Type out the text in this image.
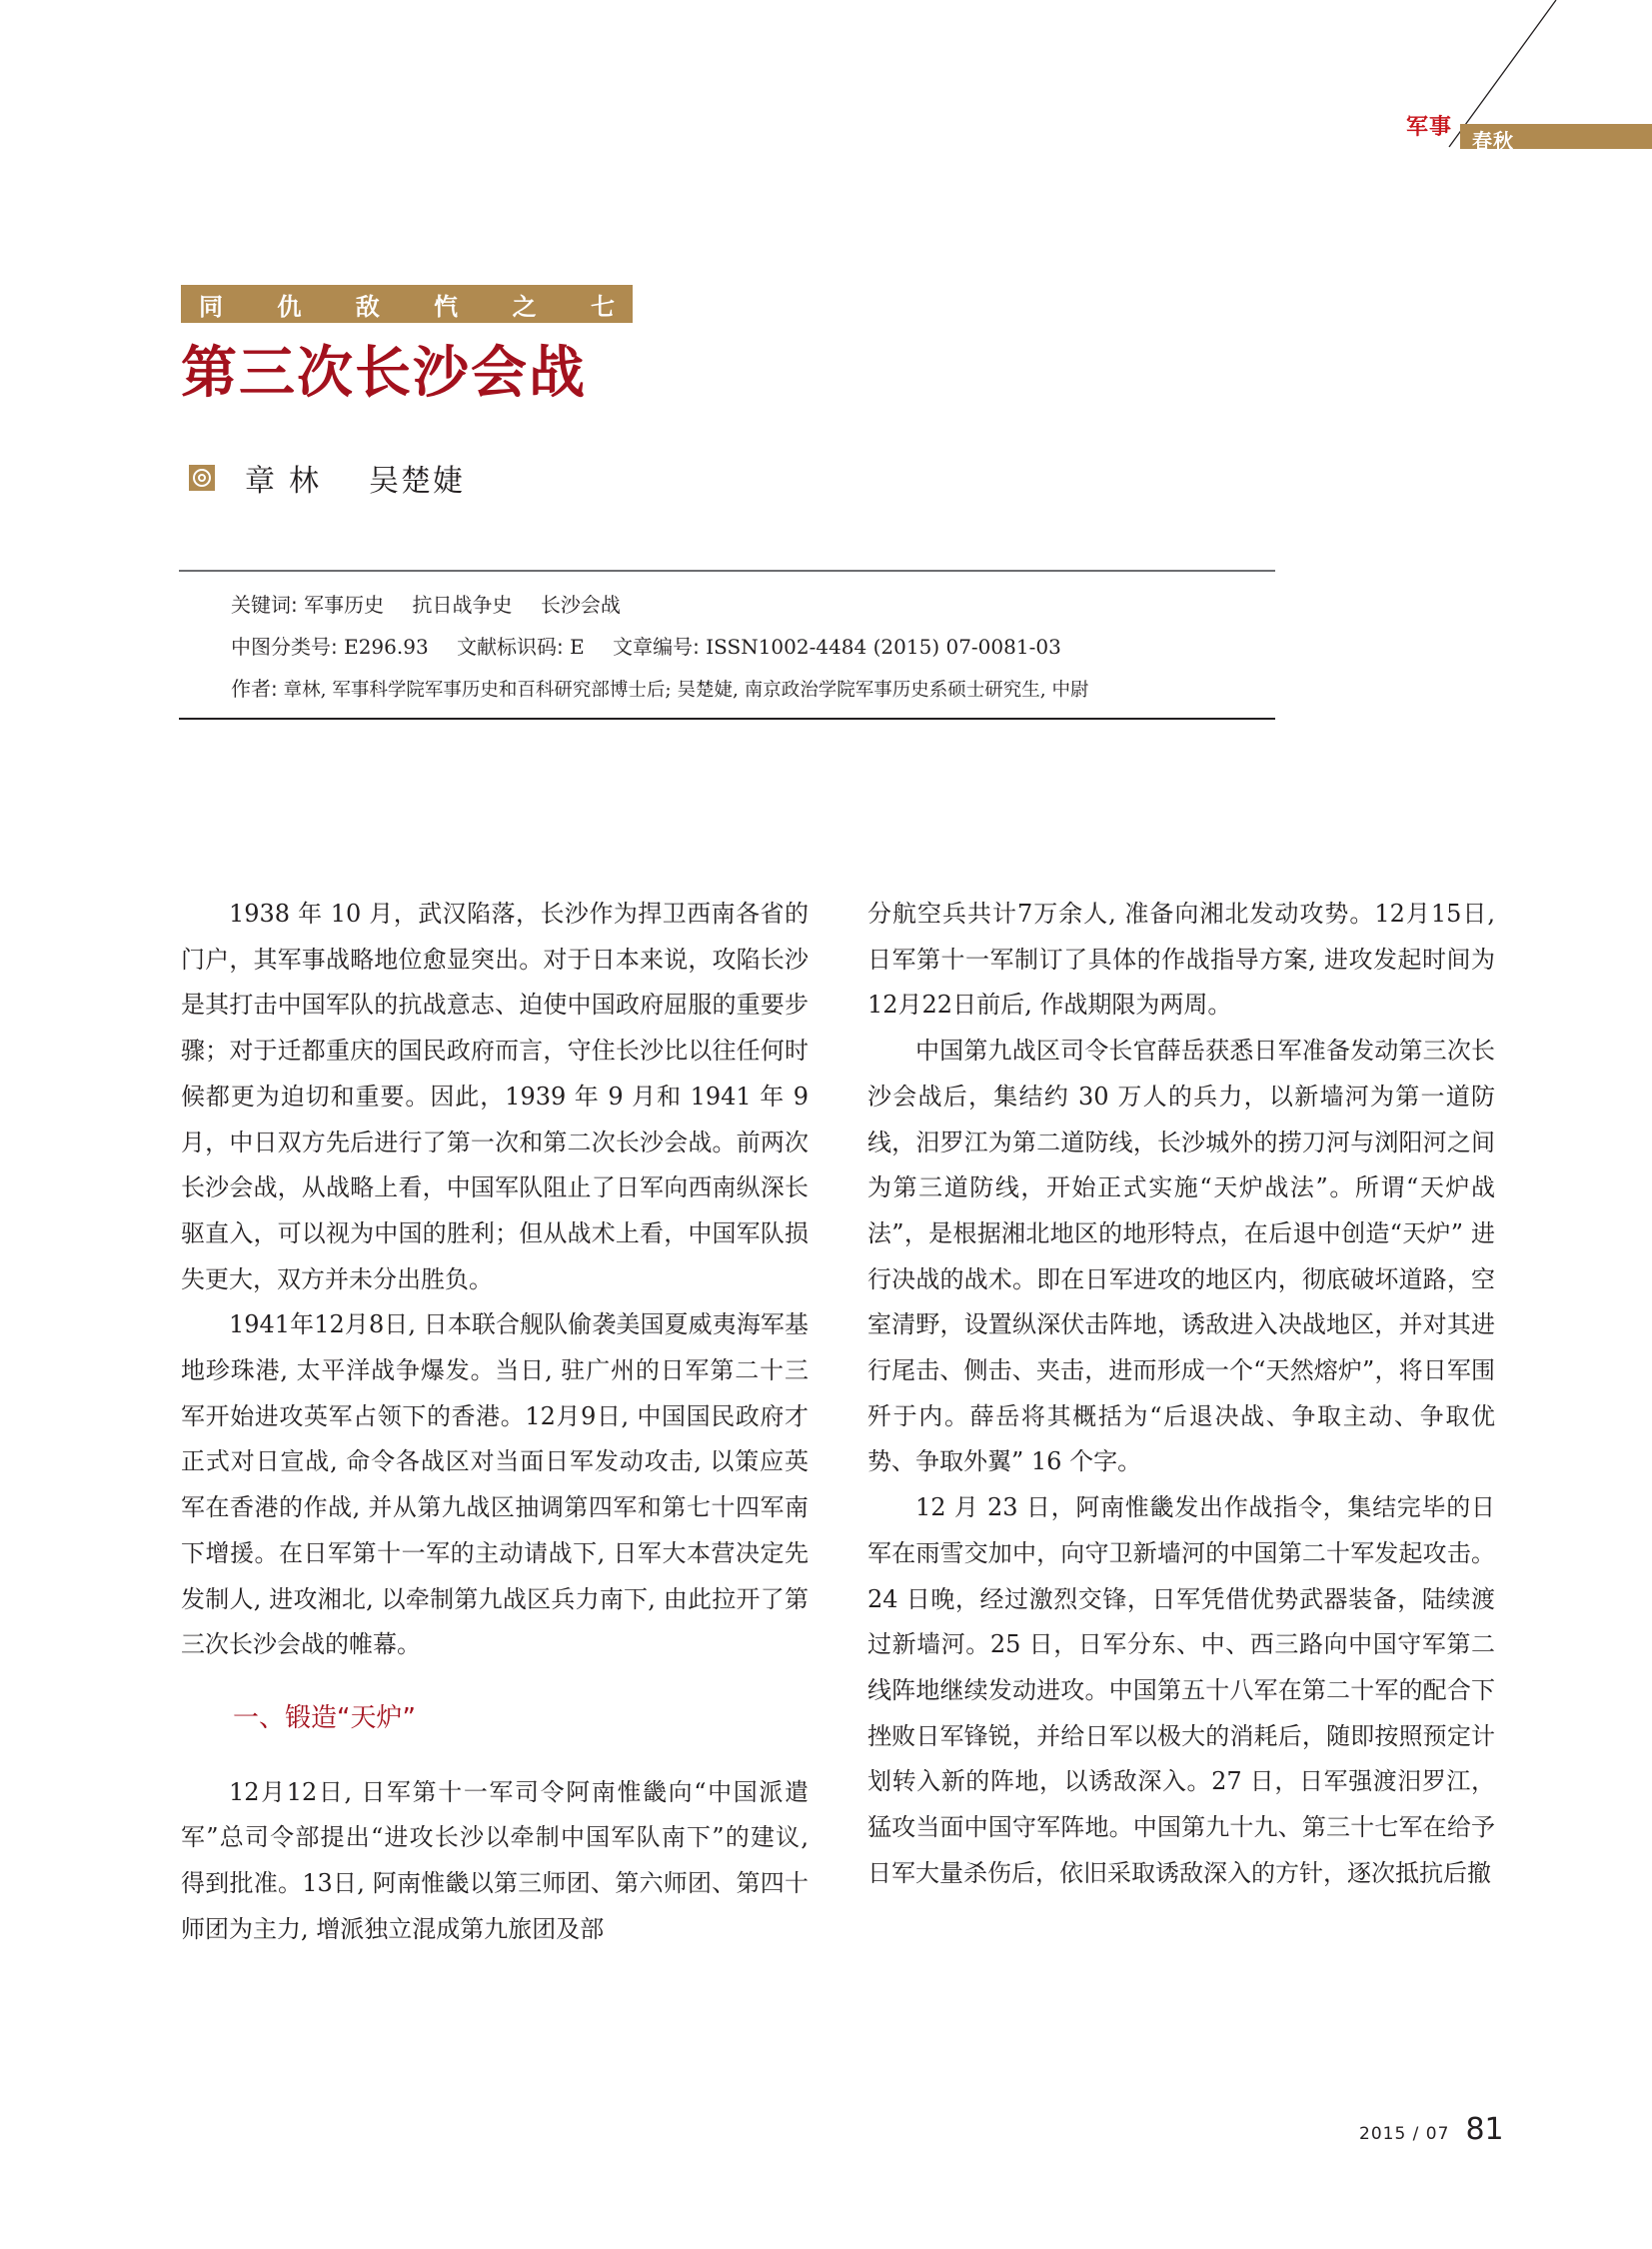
军事
春秋
同 仇 敌 忾 之 七
第三次长沙会战
章林 吴楚婕
关键词: 军事历史 抗日战争史 长沙会战
中图分类号: E296.93 文献标识码: E 文章编号: ISSN1002-4484 (2015) 07-0081-03
作者: 章林, 军事科学院军事历史和百科研究部博士后; 吴楚婕, 南京政治学院军事历史系硕士研究生, 中尉

1938 年 10 月，武汉陷落，长沙作为捍卫西南各省的门户，其军事战略地位愈显突出。对于日本来说，攻陷长沙是其打击中国军队的抗战意志、迫使中国政府屈服的重要步骤；对于迁都重庆的国民政府而言，守住长沙比以往任何时候都更为迫切和重要。因此，1939 年 9 月和 1941 年 9 月，中日双方先后进行了第一次和第二次长沙会战。前两次长沙会战，从战略上看，中国军队阻止了日军向西南纵深长驱直入，可以视为中国的胜利；但从战术上看，中国军队损失更大，双方并未分出胜负。

1941年12月8日, 日本联合舰队偷袭美国夏威夷海军基地珍珠港, 太平洋战争爆发。当日, 驻广州的日军第二十三军开始进攻英军占领下的香港。12月9日, 中国国民政府才正式对日宣战, 命令各战区对当面日军发动攻击, 以策应英军在香港的作战, 并从第九战区抽调第四军和第七十四军南下增援。在日军第十一军的主动请战下, 日军大本营决定先发制人, 进攻湘北, 以牵制第九战区兵力南下, 由此拉开了第三次长沙会战的帷幕。

一、锻造“天炉”

12月12日, 日军第十一军司令阿南惟畿向“中国派遣军”总司令部提出“进攻长沙以牵制中国军队南下”的建议, 得到批准。13日, 阿南惟畿以第三师团、第六师团、第四十师团为主力, 增派独立混成第九旅团及部

分航空兵共计7万余人, 准备向湘北发动攻势。12月15日, 日军第十一军制订了具体的作战指导方案, 进攻发起时间为12月22日前后, 作战期限为两周。

中国第九战区司令长官薛岳获悉日军准备发动第三次长沙会战后，集结约 30 万人的兵力，以新墙河为第一道防线，汨罗江为第二道防线，长沙城外的捞刀河与浏阳河之间为第三道防线，开始正式实施“天炉战法”。所谓“天炉战法”，是根据湘北地区的地形特点，在后退中创造“天炉” 进行决战的战术。即在日军进攻的地区内，彻底破坏道路，空室清野，设置纵深伏击阵地，诱敌进入决战地区，并对其进行尾击、侧击、夹击，进而形成一个“天然熔炉”，将日军围歼于内。薛岳将其概括为“后退决战、争取主动、争取优势、争取外翼” 16 个字。

12 月 23 日，阿南惟畿发出作战指令，集结完毕的日军在雨雪交加中，向守卫新墙河的中国第二十军发起攻击。24 日晚，经过激烈交锋，日军凭借优势武器装备，陆续渡过新墙河。25 日，日军分东、中、西三路向中国守军第二线阵地继续发动进攻。中国第五十八军在第二十军的配合下挫败日军锋锐，并给日军以极大的消耗后，随即按照预定计划转入新的阵地，以诱敌深入。27 日，日军强渡汨罗江，猛攻当面中国守军阵地。中国第九十九、第三十七军在给予日军大量杀伤后，依旧采取诱敌深入的方针，逐次抵抗后撤

2015 / 07 81
